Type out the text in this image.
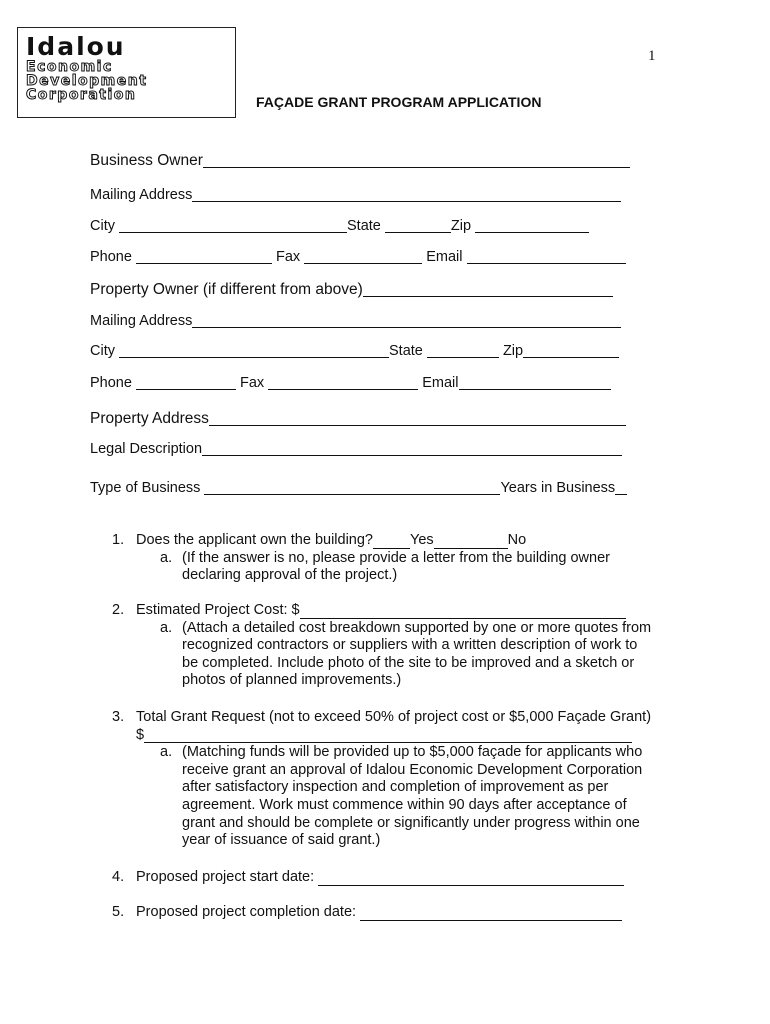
Idalou
Economic
Development
Corporation
1
FAÇADE GRANT PROGRAM APPLICATION
Business Owner
Mailing Address
City	State	Zip
Phone	Fax	Email
Property Owner (if different from above)
Mailing Address
City	State	Zip
Phone	Fax	Email
Property Address
Legal Description
Type of Business	Years in Business
1. Does the applicant own the building?	Yes	No
a. (If the answer is no, please provide a letter from the building owner
declaring approval of the project.)
2. Estimated Project Cost: $
a. (Attach a detailed cost breakdown supported by one or more quotes from
recognized contractors or suppliers with a written description of work to
be completed. Include photo of the site to be improved and a sketch or
photos of planned improvements.)
3. Total Grant Request (not to exceed 50% of project cost or $5,000 Façade Grant)
$
a. (Matching funds will be provided up to $5,000 façade for applicants who
receive grant an approval of Idalou Economic Development Corporation
after satisfactory inspection and completion of improvement as per
agreement. Work must commence within 90 days after acceptance of
grant and should be complete or significantly under progress within one
year of issuance of said grant.)
4. Proposed project start date:
5. Proposed project completion date:
